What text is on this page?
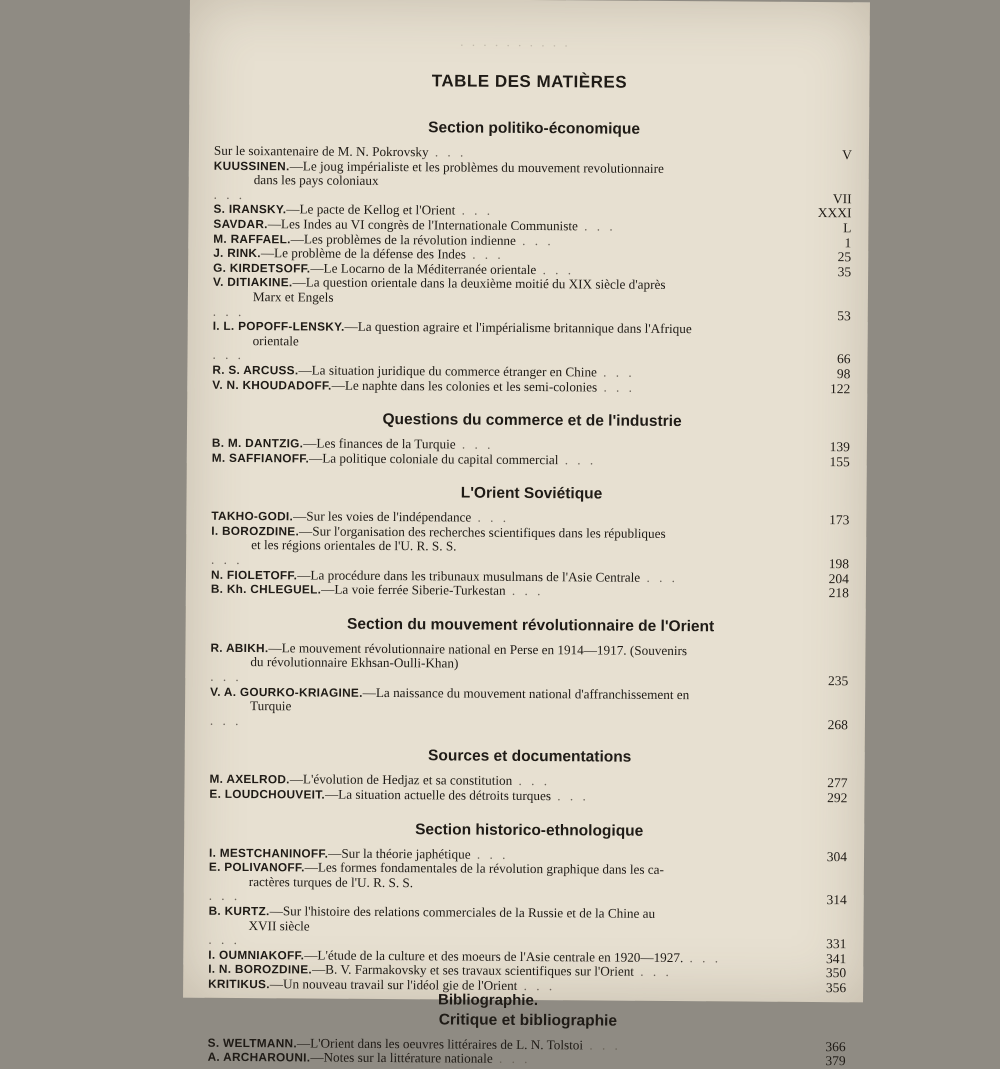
· · · · · · · · · ·
TABLE DES MATIÈRES
Section politiko-économique
Sur le soixantenaire de M. N. Pokrovsky . . .	V
KUUSSINEN.—Le joug impérialiste et les problèmes du mouvement revolutionnaire
dans les pays coloniaux
. . .	VII
S. IRANSKY.—Le pacte de Kellog et l'Orient . . .	XXXI
SAVDAR.—Les Indes au VI congrès de l'Internationale Communiste . . .	L
M. RAFFAEL.—Les problèmes de la révolution indienne . . .	1
J. RINK.—Le problème de la défense des Indes . . .	25
G. KIRDETSOFF.—Le Locarno de la Méditerranée orientale . . .	35
V. DITIAKINE.—La question orientale dans la deuxième moitié du XIX siècle d'après
Marx et Engels
. . .	53
I. L. POPOFF-LENSKY.—La question agraire et l'impérialisme britannique dans l'Afrique
orientale
. . .	66
R. S. ARCUSS.—La situation juridique du commerce étranger en Chine . . .	98
V. N. KHOUDADOFF.—Le naphte dans les colonies et les semi-colonies . . .	122
Questions du commerce et de l'industrie
B. M. DANTZIG.—Les finances de la Turquie . . .	139
M. SAFFIANOFF.—La politique coloniale du capital commercial . . .	155
L'Orient Soviétique
TAKHO-GODI.—Sur les voies de l'indépendance . . .	173
I. BOROZDINE.—Sur l'organisation des recherches scientifiques dans les républiques
et les régions orientales de l'U. R. S. S.
. . .	198
N. FIOLETOFF.—La procédure dans les tribunaux musulmans de l'Asie Centrale . . .	204
B. Kh. CHLEGUEL.—La voie ferrée Siberie-Turkestan . . .	218
Section du mouvement révolutionnaire de l'Orient
R. ABIKH.—Le mouvement révolutionnaire national en Perse en 1914—1917. (Souvenirs
du révolutionnaire Ekhsan-Oulli-Khan)
. . .	235
V. A. GOURKO-KRIAGINE.—La naissance du mouvement national d'affranchissement en
Turquie
. . .	268
Sources et documentations
M. AXELROD.—L'évolution de Hedjaz et sa constitution . . .	277
E. LOUDCHOUVEIT.—La situation actuelle des détroits turques . . .	292
Section historico-ethnologique
I. MESTCHANINOFF.—Sur la théorie japhétique . . .	304
E. POLIVANOFF.—Les formes fondamentales de la révolution graphique dans les ca-
ractères turques de l'U. R. S. S.
. . .	314
B. KURTZ.—Sur l'histoire des relations commerciales de la Russie et de la Chine au
XVII siècle
. . .	331
I. OUMNIAKOFF.—L'étude de la culture et des moeurs de l'Asie centrale en 1920—1927. . . .	341
I. N. BOROZDINE.—B. V. Farmakovsky et ses travaux scientifiques sur l'Orient . . .	350
KRITIKUS.—Un nouveau travail sur l'idéol gie de l'Orient . . .	356
Critique et bibliographie
S. WELTMANN.—L'Orient dans les oeuvres littéraires de L. N. Tolstoi . . .	366
A. ARCHAROUNI.—Notes sur la littérature nationale . . .	379
Bibliographie.
